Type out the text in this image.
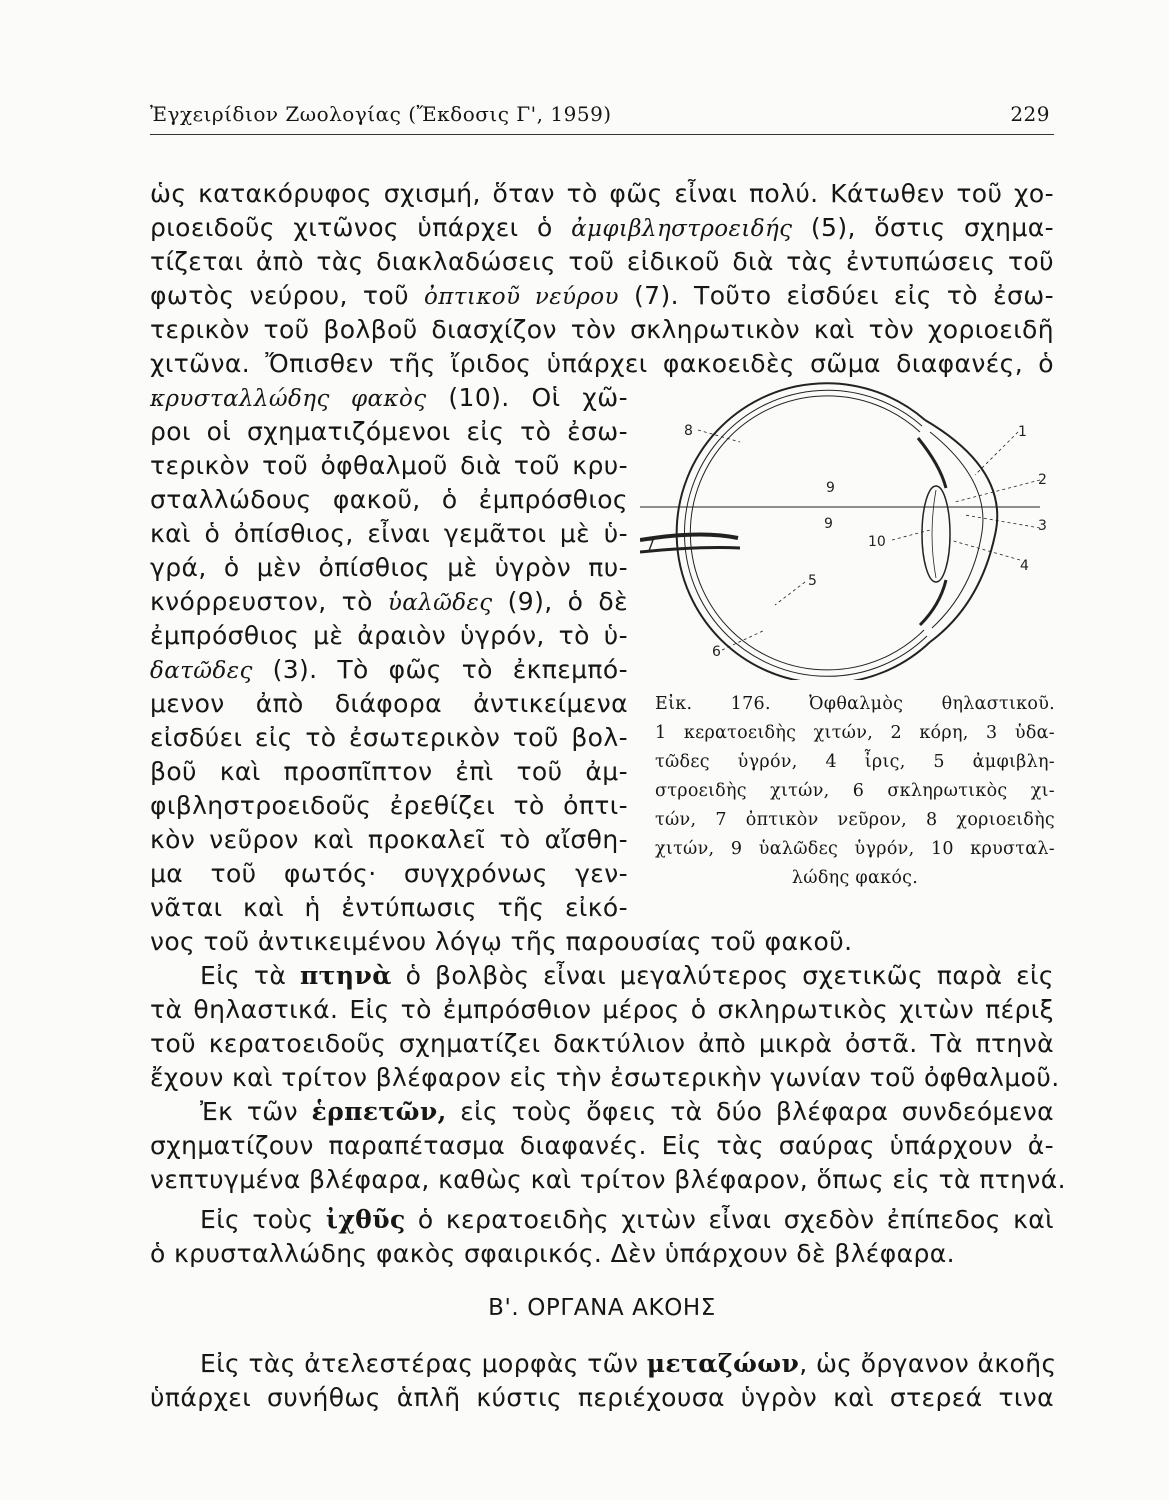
Ἐγχειρίδιον Ζωολογίας (Ἔκδοσις Γ', 1959)	229
ὡς κατακόρυφος σχισμή, ὅταν τὸ φῶς εἶναι πολύ. Κάτωθεν τοῦ χο-
ριοειδοῦς χιτῶνος ὑπάρχει ὁ ἀμφιβληστροειδής (5), ὅστις σχημα-
τίζεται ἀπὸ τὰς διακλαδώσεις τοῦ εἰδικοῦ διὰ τὰς ἐντυπώσεις τοῦ
φωτὸς νεύρου, τοῦ ὀπτικοῦ νεύρου (7). Τοῦτο εἰσδύει εἰς τὸ ἐσω-
τερικὸν τοῦ βολβοῦ διασχίζον τὸν σκληρωτικὸν καὶ τὸν χοριοειδῆ
χιτῶνα. Ὄπισθεν τῆς ἴριδος ὑπάρχει φακοειδὲς σῶμα διαφανές, ὁ
κρυσταλλώδης φακὸς (10). Οἱ χῶ-
ροι οἱ σχηματιζόμενοι εἰς τὸ ἐσω-
τερικὸν τοῦ ὀφθαλμοῦ διὰ τοῦ κρυ-
σταλλώδους φακοῦ, ὁ ἐμπρόσθιος
καὶ ὁ ὀπίσθιος, εἶναι γεμᾶτοι μὲ ὑ-
γρά, ὁ μὲν ὀπίσθιος μὲ ὑγρὸν πυ-
κνόρρευστον, τὸ ὑαλῶδες (9), ὁ δὲ
ἐμπρόσθιος μὲ ἀραιὸν ὑγρόν, τὸ ὑ-
δατῶδες (3). Τὸ φῶς τὸ ἐκπεμπό-
μενον ἀπὸ διάφορα ἀντικείμενα
εἰσδύει εἰς τὸ ἐσωτερικὸν τοῦ βολ-
βοῦ καὶ προσπῖπτον ἐπὶ τοῦ ἀμ-
φιβληστροειδοῦς ἐρεθίζει τὸ ὀπτι-
κὸν νεῦρον καὶ προκαλεῖ τὸ αἴσθη-
μα τοῦ φωτός· συγχρόνως γεν-
νᾶται καὶ ἡ ἐντύπωσις τῆς εἰκό-
νος τοῦ ἀντικειμένου λόγῳ τῆς παρουσίας τοῦ φακοῦ.
Εἰς τὰ πτηνὰ ὁ βολβὸς εἶναι μεγαλύτερος σχετικῶς παρὰ εἰς
τὰ θηλαστικά. Εἰς τὸ ἐμπρόσθιον μέρος ὁ σκληρωτικὸς χιτὼν πέριξ
τοῦ κερατοειδοῦς σχηματίζει δακτύλιον ἀπὸ μικρὰ ὀστᾶ. Τὰ πτηνὰ
ἔχουν καὶ τρίτον βλέφαρον εἰς τὴν ἐσωτερικὴν γωνίαν τοῦ ὀφθαλμοῦ.
Ἐκ τῶν ἑρπετῶν, εἰς τοὺς ὄφεις τὰ δύο βλέφαρα συνδεόμενα
σχηματίζουν παραπέτασμα διαφανές. Εἰς τὰς σαύρας ὑπάρχουν ἀ-
νεπτυγμένα βλέφαρα, καθὼς καὶ τρίτον βλέφαρον, ὅπως εἰς τὰ πτηνά.
Εἰς τοὺς ἰχθῦς ὁ κερατοειδὴς χιτὼν εἶναι σχεδὸν ἐπίπεδος καὶ
ὁ κρυσταλλώδης φακὸς σφαιρικός. Δὲν ὑπάρχουν δὲ βλέφαρα.
Β'. ΟΡΓΑΝΑ ΑΚΟΗΣ
Εἰς τὰς ἀτελεστέρας μορφὰς τῶν μεταζώων, ὡς ὄργανον ἀκοῆς
ὑπάρχει συνήθως ἁπλῆ κύστις περιέχουσα ὑγρὸν καὶ στερεά τινα
8	1
2
3
4
5
6
7
9
9
10
Εἰκ. 176. Ὀφθαλμὸς θηλαστικοῦ.
1 κερατοειδὴς χιτών, 2 κόρη, 3 ὑδα-
τῶδες ὑγρόν, 4 ἶρις, 5 ἀμφιβλη-
στροειδὴς χιτών, 6 σκληρωτικὸς χι-
τών, 7 ὀπτικὸν νεῦρον, 8 χοριοειδὴς
χιτών, 9 ὑαλῶδες ὑγρόν, 10 κρυσταλ-
λώδης φακός.
